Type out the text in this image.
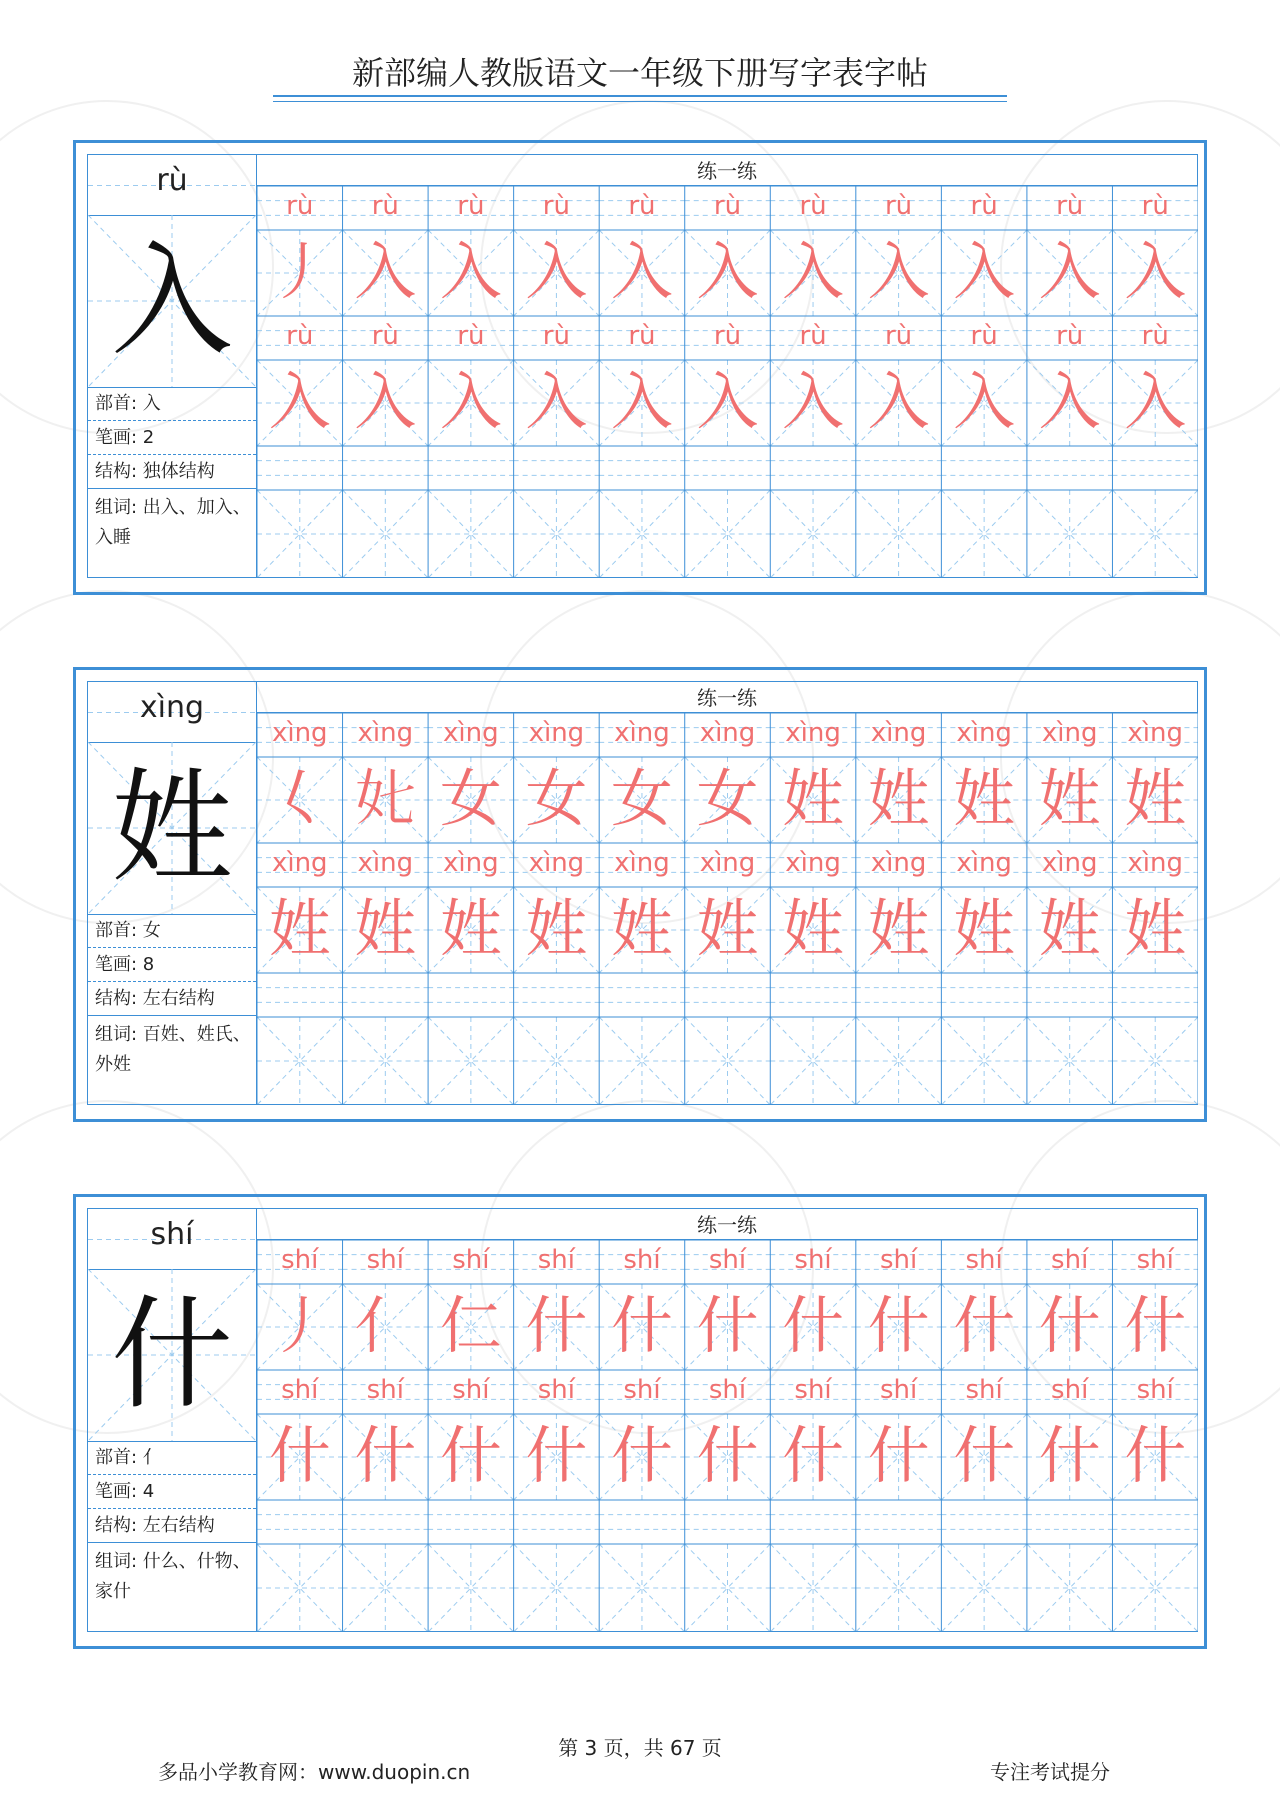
新部编人教版语文一年级下册写字表字帖
rù
入
部首: 入
笔画: 2
结构: 独体结构
组词: 出入、加入、入睡
练一练
rù	rù	rù	rù	rù	rù	rù	rù	rù	rù	rù
丿 入 入 入 入 入 入 入 入 入 入
rù	rù	rù	rù	rù	rù	rù	rù	rù	rù	rù
入 入 入 入 入 入 入 入 入 入 入
xìng
姓
部首: 女
笔画: 8
结构: 左右结构
组词: 百姓、姓氏、外姓
练一练
xìng	xìng	xìng	xìng	xìng	xìng	xìng	xìng	xìng	xìng	xìng
𡿨 𡚨 女 女 女 女 姓 姓 姓 姓 姓
xìng	xìng	xìng	xìng	xìng	xìng	xìng	xìng	xìng	xìng	xìng
姓 姓 姓 姓 姓 姓 姓 姓 姓 姓 姓
shí
什
部首: 亻
笔画: 4
结构: 左右结构
组词: 什么、什物、家什
练一练
shí	shí	shí	shí	shí	shí	shí	shí	shí	shí	shí
丿 亻 仁 什 什 什 什 什 什 什 什
shí	shí	shí	shí	shí	shí	shí	shí	shí	shí	shí
什 什 什 什 什 什 什 什 什 什 什
第 3 页，共 67 页
多品小学教育网：www.duopin.cn	专注考试提分
